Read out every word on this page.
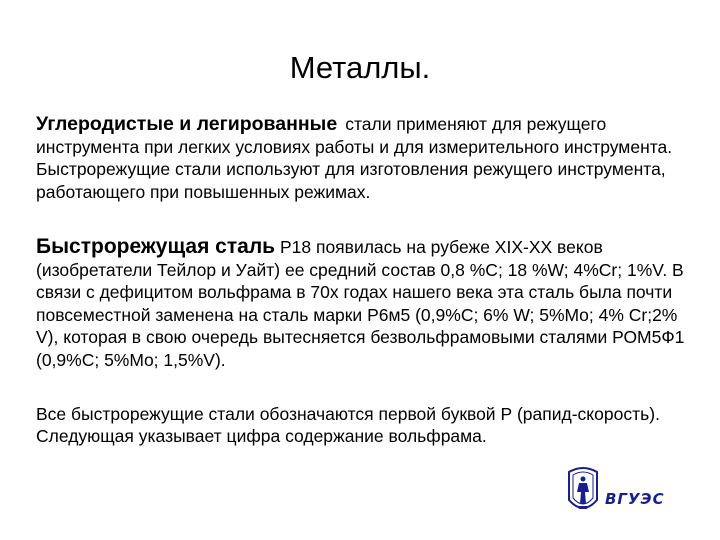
Металлы.
Углеродистые и легированные стали применяют для режущего инструмента при легких условиях работы и для измерительного инструмента. Быстрорежущие стали используют для изготовления режущего инструмента, работающего при повышенных режимах.
Быстрорежущая сталь Р18 появилась на рубеже XIX-XX веков (изобретатели Тейлор и Уайт) ее средний состав 0,8 %С; 18 %W; 4%Cr; 1%V. В связи с дефицитом вольфрама в 70х годах нашего века эта сталь была почти повсеместной заменена на сталь марки Р6м5 (0,9%С; 6% W; 5%Mo; 4% Cr;2% V), которая в свою очередь вытесняется безвольфрамовыми сталями РОМ5Ф1 (0,9%С; 5%Mo; 1,5%V).
Все быстрорежущие стали обозначаются первой буквой Р (рапид-скорость). Следующая указывает цифра содержание вольфрама.
ВГУЭС
